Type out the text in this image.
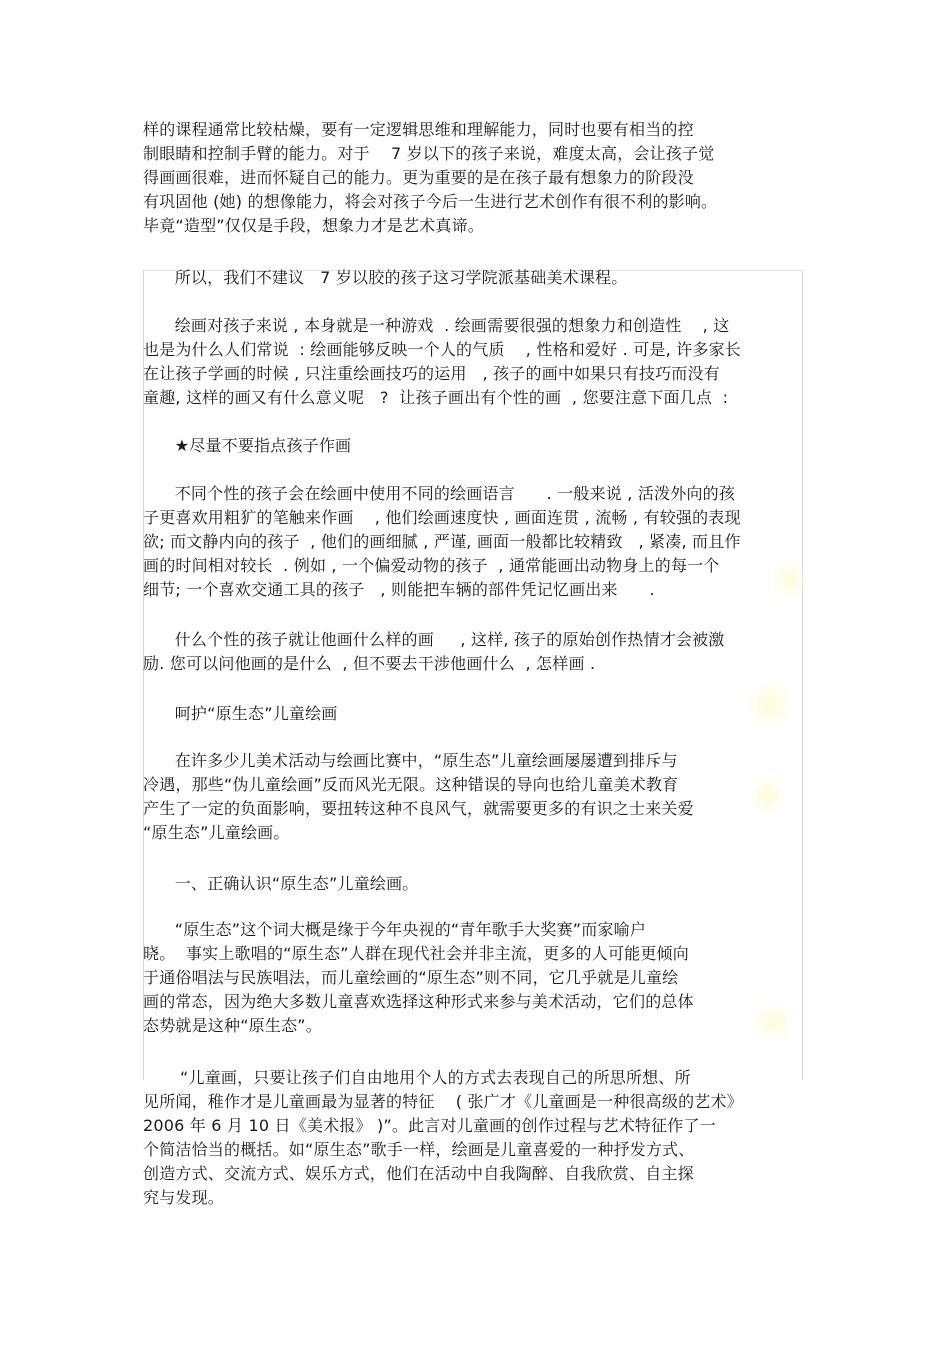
样的课程通常比较枯燥，要有一定逻辑思维和理解能力，同时也要有相当的控
制眼睛和控制手臂的能力。对于    7 岁以下的孩子来说，难度太高，会让孩子觉
得画画很难，进而怀疑自己的能力。更为重要的是在孩子最有想象力的阶段没
有巩固他 (她) 的想像能力，将会对孩子今后一生进行艺术创作有很不利的影响。
毕竟“造型”仅仅是手段，想象力才是艺术真谛。
所以，我们不建议   7 岁以胶的孩子这习学院派基础美术课程。
绘画对孩子来说 , 本身就是一种游戏  . 绘画需要很强的想象力和创造性    , 这
也是为什么人们常说  : 绘画能够反映一个人的气质    , 性格和爱好 . 可是, 许多家长
在让孩子学画的时候 , 只注重绘画技巧的运用   , 孩子的画中如果只有技巧而没有
童趣, 这样的画又有什么意义呢   ?  让孩子画出有个性的画  , 您要注意下面几点  :
★尽量不要指点孩子作画
不同个性的孩子会在绘画中使用不同的绘画语言      . 一般来说 , 活泼外向的孩
子更喜欢用粗犷的笔触来作画    , 他们绘画速度快 , 画面连贯 , 流畅 , 有较强的表现
欲; 而文静内向的孩子  , 他们的画细腻 , 严谨, 画面一般都比较精致   , 紧凑, 而且作
画的时间相对较长  . 例如 , 一个偏爱动物的孩子  , 通常能画出动物身上的每一个
细节; 一个喜欢交通工具的孩子   , 则能把车辆的部件凭记忆画出来      .
什么个性的孩子就让他画什么样的画     , 这样, 孩子的原始创作热情才会被激
励. 您可以问他画的是什么  , 但不要去干涉他画什么  , 怎样画 .
呵护“原生态”儿童绘画
在许多少儿美术活动与绘画比赛中，“原生态”儿童绘画屡屡遭到排斥与
冷遇，那些“伪儿童绘画”反而风光无限。这种错误的导向也给儿童美术教育
产生了一定的负面影响，要扭转这种不良风气，就需要更多的有识之士来关爱
“原生态”儿童绘画。
一、正确认识“原生态”儿童绘画。
“原生态”这个词大概是缘于今年央视的“青年歌手大奖赛”而家喻户
晓。  事实上歌唱的“原生态”人群在现代社会并非主流，更多的人可能更倾向
于通俗唱法与民族唱法，而儿童绘画的“原生态”则不同，它几乎就是儿童绘
画的常态，因为绝大多数儿童喜欢选择这种形式来参与美术活动，它们的总体
态势就是这种“原生态”。
“儿童画，只要让孩子们自由地用个人的方式去表现自己的所思所想、所
见所闻，稚作才是儿童画最为显著的特征    ( 张广才《儿童画是一种很高级的艺术》
2006 年 6 月 10 日《美术报》 )”。此言对儿童画的创作过程与艺术特征作了一
个简洁恰当的概括。如“原生态”歌手一样，绘画是儿童喜爱的一种抒发方式、
创造方式、交流方式、娱乐方式，他们在活动中自我陶醉、自我欣赏、自主探
究与发现。
